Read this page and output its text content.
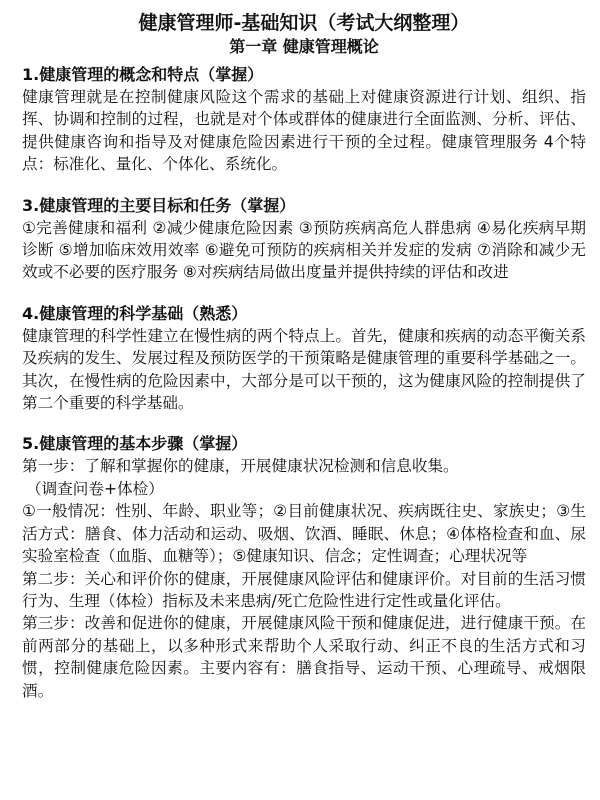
健康管理师-基础知识（考试大纲整理）
第一章 健康管理概论
1.健康管理的概念和特点（掌握）

健康管理就是在控制健康风险这个需求的基础上对健康资源进行计划、组织、指挥、协调和控制的过程，也就是对个体或群体的健康进行全面监测、分析、评估、提供健康咨询和指导及对健康危险因素进行干预的全过程。健康管理服务 4个特点：标准化、量化、个体化、系统化。

3.健康管理的主要目标和任务（掌握）

①完善健康和福利 ②减少健康危险因素 ③预防疾病高危人群患病 ④易化疾病早期诊断 ⑤增加临床效用效率 ⑥避免可预防的疾病相关并发症的发病 ⑦消除和减少无效或不必要的医疗服务 ⑧对疾病结局做出度量并提供持续的评估和改进

4.健康管理的科学基础（熟悉）

健康管理的科学性建立在慢性病的两个特点上。首先，健康和疾病的动态平衡关系及疾病的发生、发展过程及预防医学的干预策略是健康管理的重要科学基础之一。其次，在慢性病的危险因素中，大部分是可以干预的，这为健康风险的控制提供了第二个重要的科学基础。

5.健康管理的基本步骤（掌握）

第一步：了解和掌握你的健康，开展健康状况检测和信息收集。

（调查问卷+体检）

①一般情况：性别、年龄、职业等；②目前健康状况、疾病既往史、家族史；③生活方式：膳食、体力活动和运动、吸烟、饮酒、睡眠、休息；④体格检查和血、尿实验室检查（血脂、血糖等）；⑤健康知识、信念；定性调查；心理状况等

第二步：关心和评价你的健康，开展健康风险评估和健康评价。对目前的生活习惯行为、生理（体检）指标及未来患病/死亡危险性进行定性或量化评估。

第三步：改善和促进你的健康，开展健康风险干预和健康促进，进行健康干预。在前两部分的基础上，以多种形式来帮助个人采取行动、纠正不良的生活方式和习惯，控制健康危险因素。主要内容有：膳食指导、运动干预、心理疏导、戒烟限酒。
